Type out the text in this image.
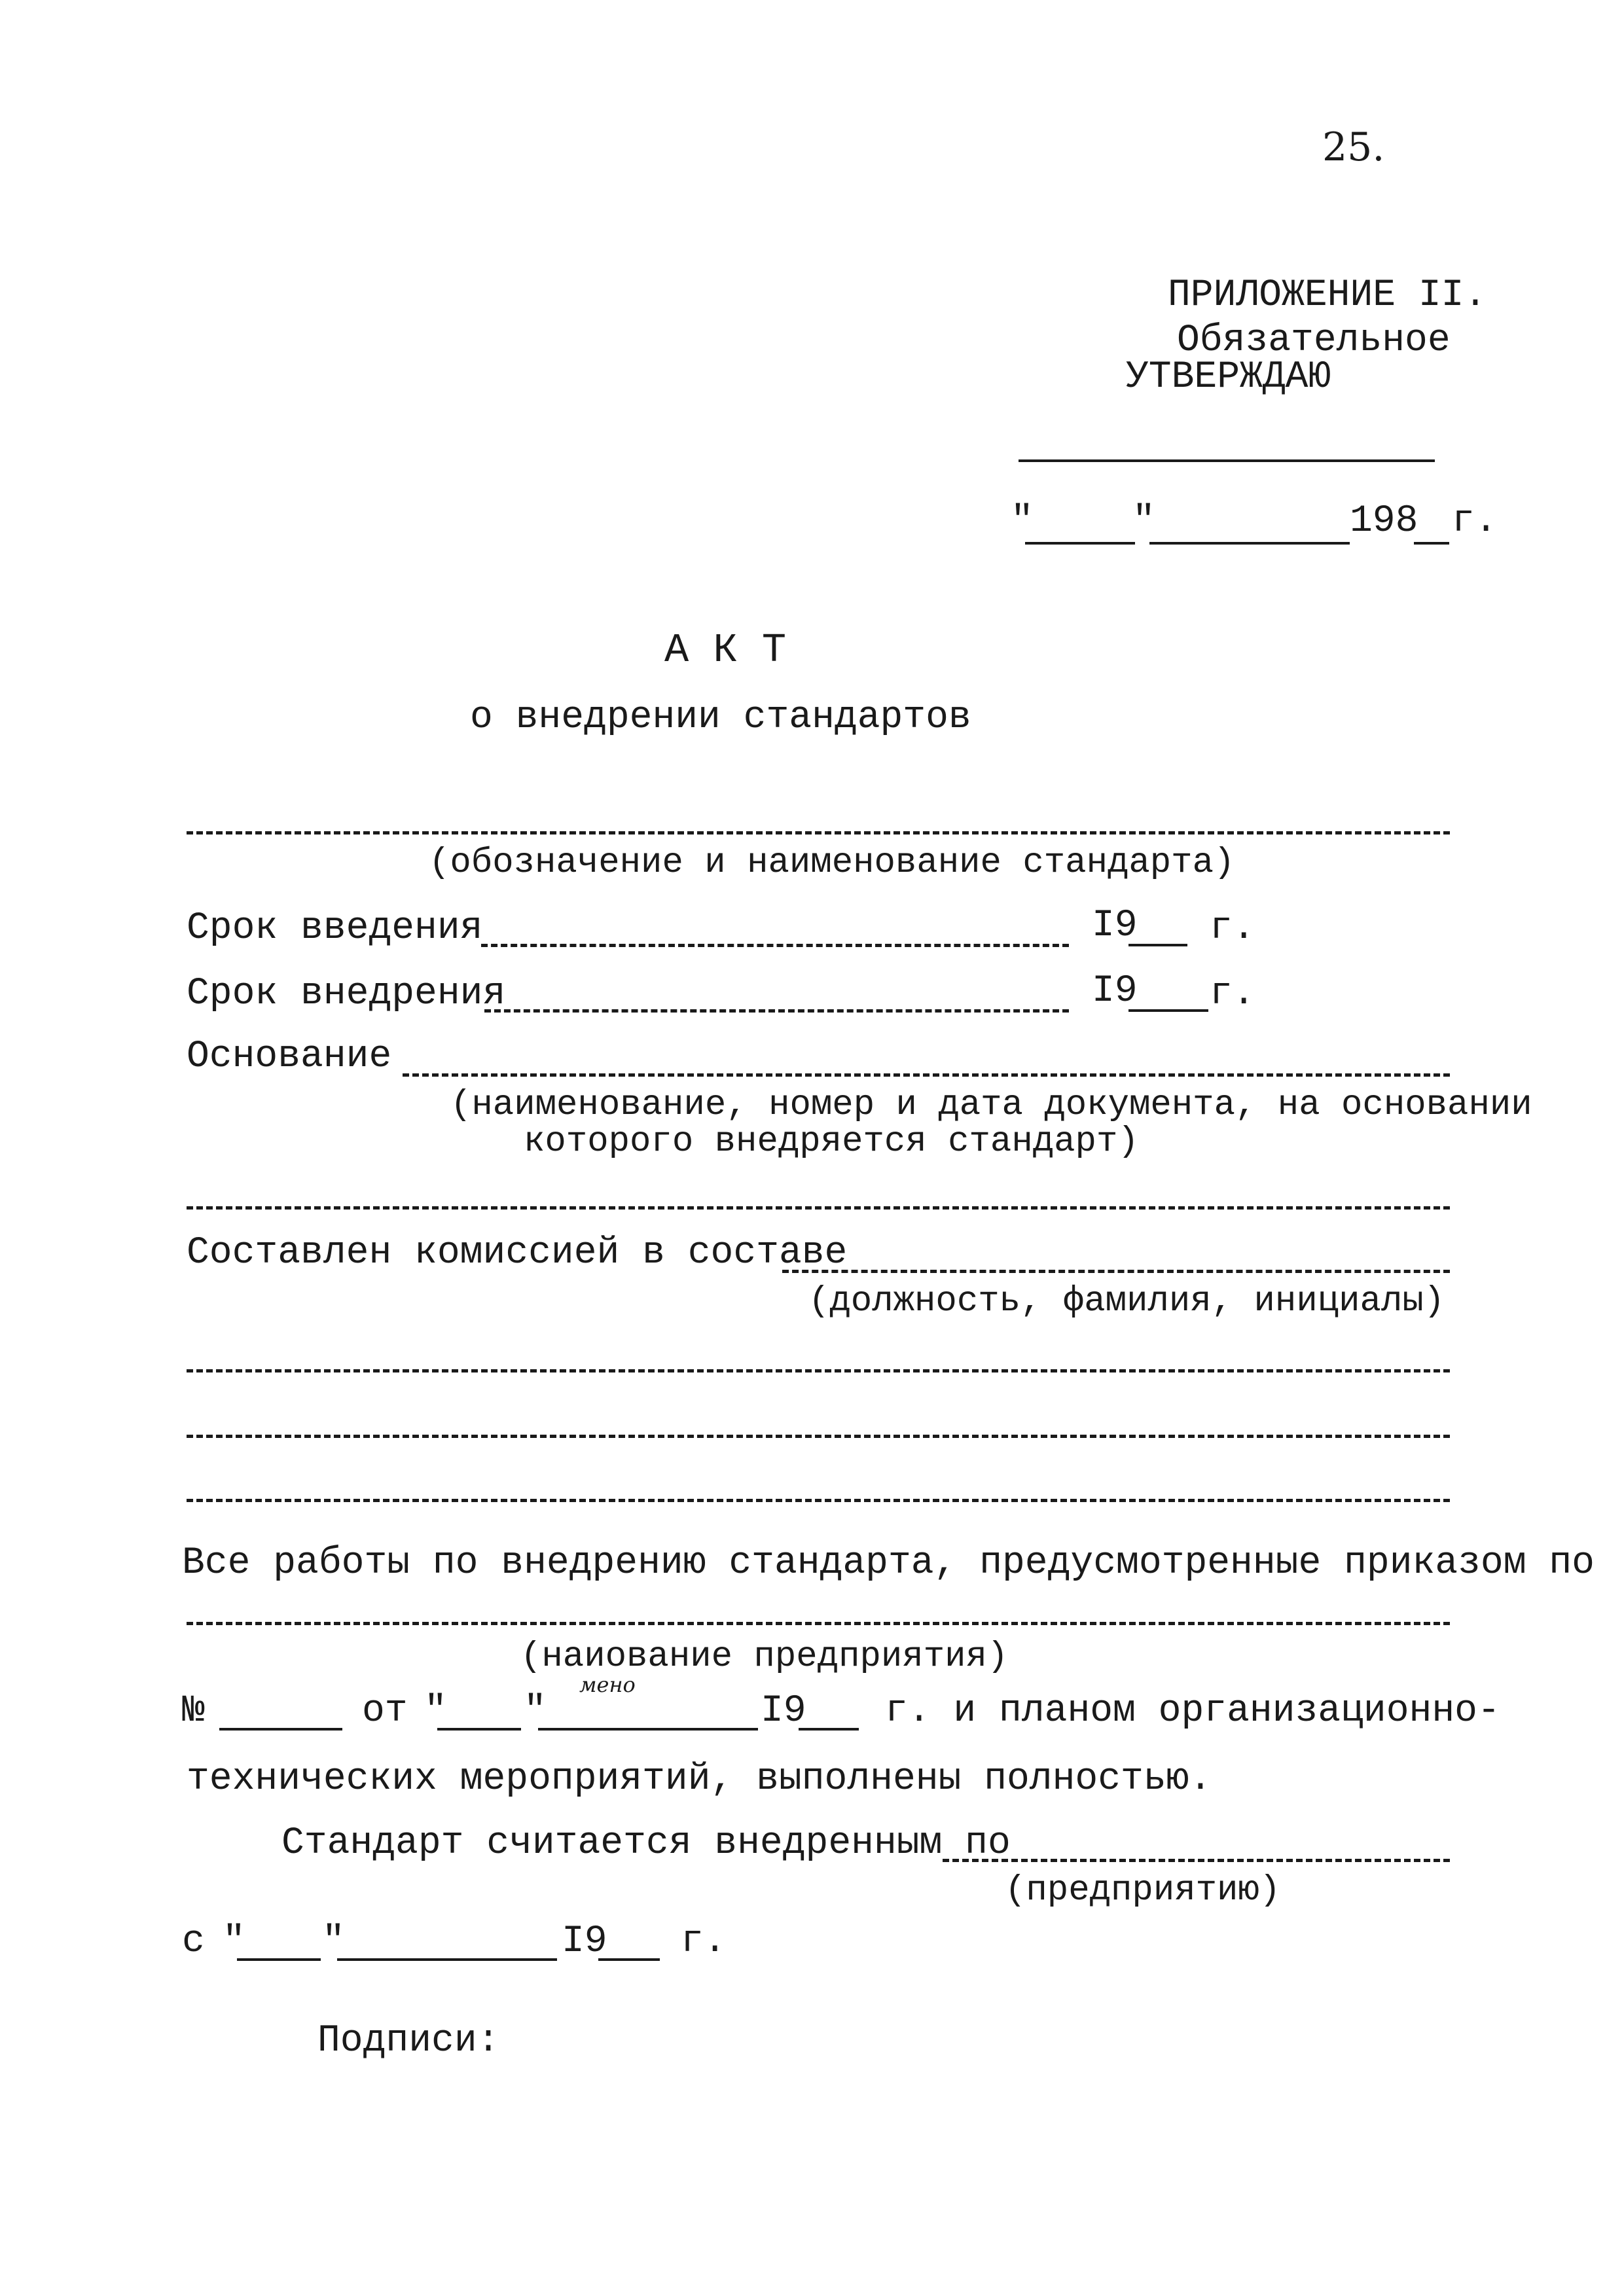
25.
ПРИЛОЖЕНИЕ II.
Обязательное
УТВЕРЖДАЮ
"	"	198 г.
А К Т
о внедрении стандартов
(обозначение и наименование стандарта)
Срок введения	I9 г.
Срок внедрения	I9 г.
Основание
(наименование, номер и дата документа, на основании
которого внедряется стандарт)
Составлен комиссией в составе
(должность, фамилия, инициалы)
Все работы по внедрению стандарта, предусмотренные приказом по
(наиование предприятия)
мено
№	от " "	I9 г. и планом организационно-
технических мероприятий, выполнены полностью.
Стандарт считается внедренным по
(предприятию)
с " "	I9 г.
Подписи:
